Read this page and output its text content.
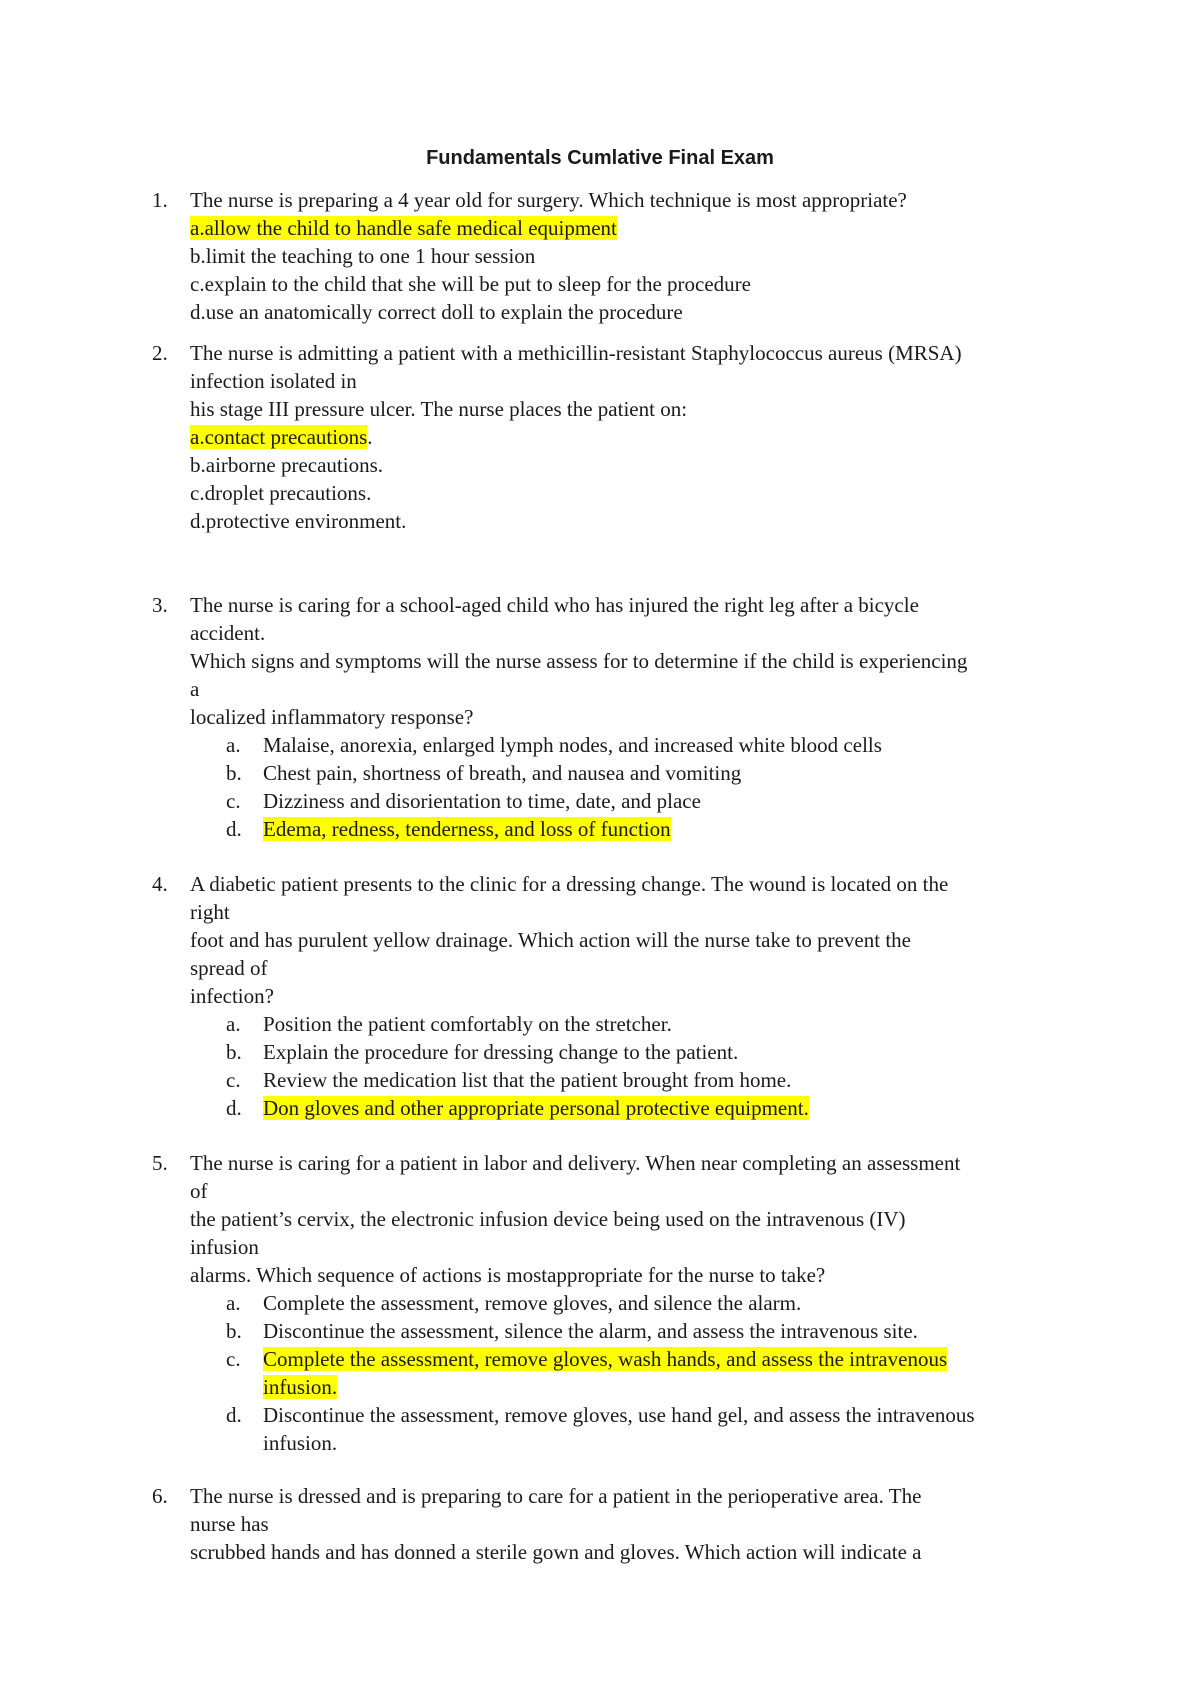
Fundamentals Cumlative Final Exam
1.	The nurse is preparing a 4 year old for surgery. Which technique is most appropriate?
a.allow the child to handle safe medical equipment
b.limit the teaching to one 1 hour session
c.explain to the child that she will be put to sleep for the procedure
d.use an anatomically correct doll to explain the procedure
2.	The nurse is admitting a patient with a methicillin-resistant Staphylococcus aureus (MRSA)
infection isolated in
his stage III pressure ulcer. The nurse places the patient on:
a.contact precautions.
b.airborne precautions.
c.droplet precautions.
d.protective environment.
3.	The nurse is caring for a school-aged child who has injured the right leg after a bicycle
accident.
Which signs and symptoms will the nurse assess for to determine if the child is experiencing
a
localized inflammatory response?
a.	Malaise, anorexia, enlarged lymph nodes, and increased white blood cells
b.	Chest pain, shortness of breath, and nausea and vomiting
c.	Dizziness and disorientation to time, date, and place
d.	Edema, redness, tenderness, and loss of function
4.	A diabetic patient presents to the clinic for a dressing change. The wound is located on the
right
foot and has purulent yellow drainage. Which action will the nurse take to prevent the
spread of
infection?
a.	Position the patient comfortably on the stretcher.
b.	Explain the procedure for dressing change to the patient.
c.	Review the medication list that the patient brought from home.
d.	Don gloves and other appropriate personal protective equipment.
5.	The nurse is caring for a patient in labor and delivery. When near completing an assessment
of
the patient’s cervix, the electronic infusion device being used on the intravenous (IV)
infusion
alarms. Which sequence of actions is mostappropriate for the nurse to take?
a.	Complete the assessment, remove gloves, and silence the alarm.
b.	Discontinue the assessment, silence the alarm, and assess the intravenous site.
c.	Complete the assessment, remove gloves, wash hands, and assess the intravenous
infusion.
d.	Discontinue the assessment, remove gloves, use hand gel, and assess the intravenous
infusion.
6.	The nurse is dressed and is preparing to care for a patient in the perioperative area. The
nurse has
scrubbed hands and has donned a sterile gown and gloves. Which action will indicate a
